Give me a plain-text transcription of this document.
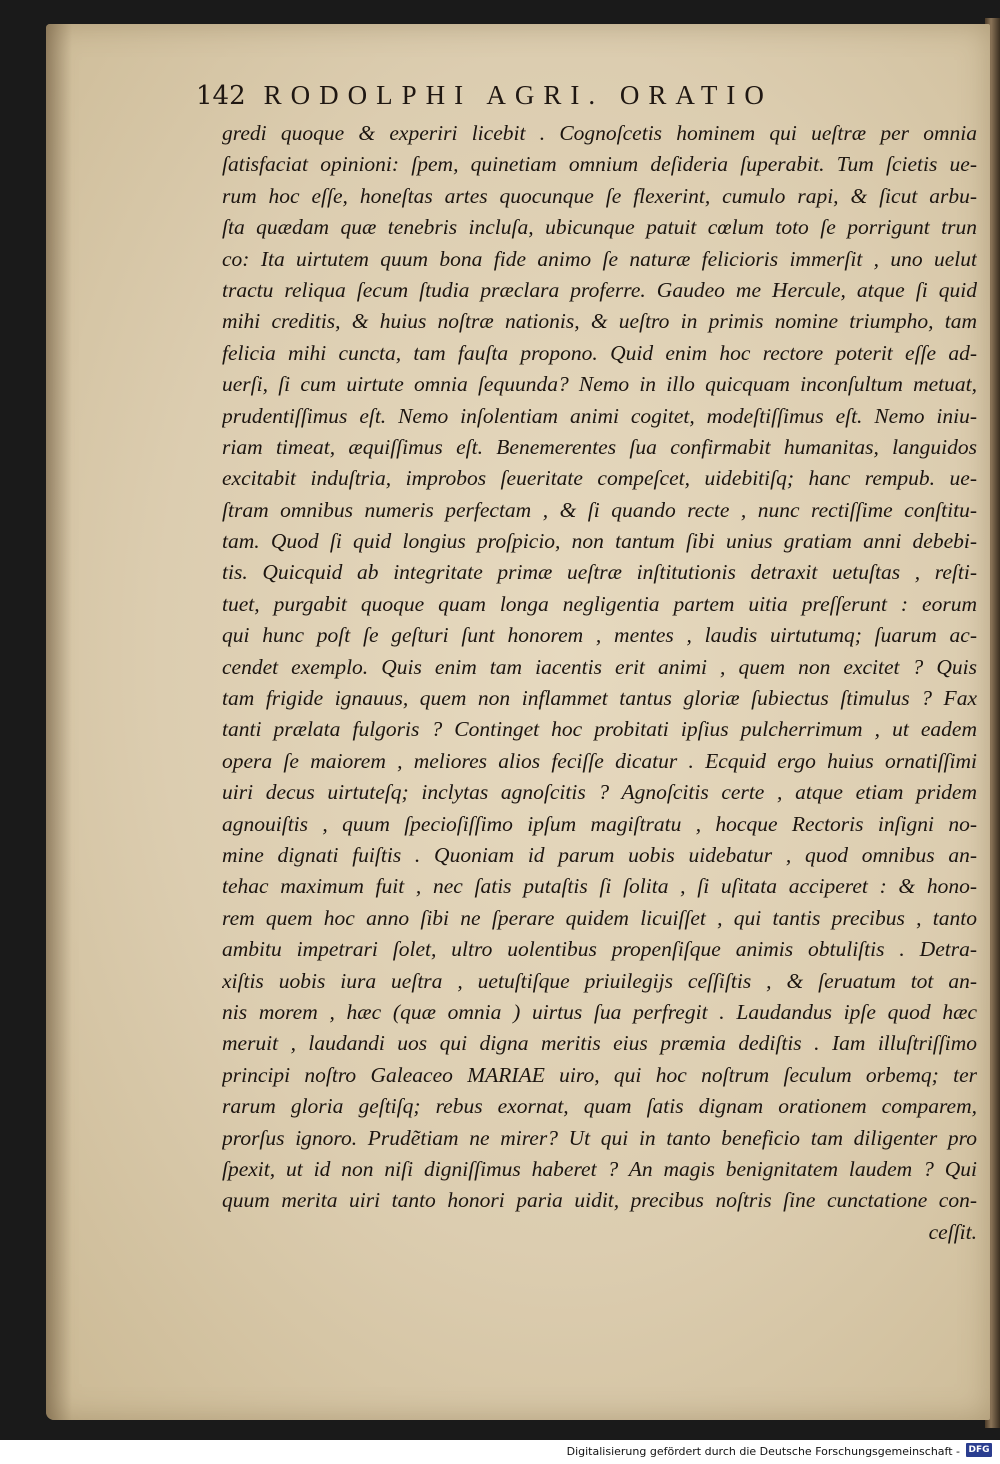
142 RODOLPHI AGRI. ORATIO
gredi quoque & experiri licebit . Cognoſcetis hominem qui ueſtræ per omnia
ſatisfaciat opinioni: ſpem, quinetiam omnium deſideria ſuperabit. Tum ſcietis ue-
rum hoc eſſe, honeſtas artes quocunque ſe flexerint, cumulo rapi, & ſicut arbu-
ſta quædam quæ tenebris incluſa, ubicunque patuit cœlum toto ſe porrigunt trun
co: Ita uirtutem quum bona fide animo ſe naturæ felicioris immerſit , uno uelut
tractu reliqua ſecum ſtudia præclara proferre. Gaudeo me Hercule, atque ſi quid
mihi creditis, & huius noſtræ nationis, & ueſtro in primis nomine triumpho, tam
felicia mihi cuncta, tam fauſta propono. Quid enim hoc rectore poterit eſſe ad-
uerſi, ſi cum uirtute omnia ſequunda? Nemo in illo quicquam inconſultum metuat,
prudentiſſimus eſt. Nemo inſolentiam animi cogitet, modeſtiſſimus eſt. Nemo iniu-
riam timeat, æquiſſimus eſt. Benemerentes ſua confirmabit humanitas, languidos
excitabit induſtria, improbos ſeueritate compeſcet, uidebitiſq; hanc rempub. ue-
ſtram omnibus numeris perfectam , & ſi quando recte , nunc rectiſſime conſtitu-
tam. Quod ſi quid longius proſpicio, non tantum ſibi unius gratiam anni debebi-
tis. Quicquid ab integritate primæ ueſtræ inſtitutionis detraxit uetuſtas , reſti-
tuet, purgabit quoque quam longa negligentia partem uitia preſſerunt : eorum
qui hunc poſt ſe geſturi ſunt honorem , mentes , laudis uirtutumq; ſuarum ac-
cendet exemplo. Quis enim tam iacentis erit animi , quem non excitet ? Quis
tam frigide ignauus, quem non inflammet tantus gloriæ ſubiectus ſtimulus ? Fax
tanti prælata fulgoris ? Continget hoc probitati ipſius pulcherrimum , ut eadem
opera ſe maiorem , meliores alios feciſſe dicatur . Ecquid ergo huius ornatiſſimi
uiri decus uirtuteſq; inclytas agnoſcitis ? Agnoſcitis certe , atque etiam pridem
agnouiſtis , quum ſpecioſiſſimo ipſum magiſtratu , hocque Rectoris inſigni no-
mine dignati fuiſtis . Quoniam id parum uobis uidebatur , quod omnibus an-
tehac maximum fuit , nec ſatis putaſtis ſi ſolita , ſi uſitata acciperet : & hono-
rem quem hoc anno ſibi ne ſperare quidem licuiſſet , qui tantis precibus , tanto
ambitu impetrari ſolet, ultro uolentibus propenſiſque animis obtuliſtis . Detra-
xiſtis uobis iura ueſtra , uetuſtiſque priuilegijs ceſſiſtis , & ſeruatum tot an-
nis morem , hæc (quæ omnia ) uirtus ſua perfregit . Laudandus ipſe quod hæc
meruit , laudandi uos qui digna meritis eius præmia dediſtis . Iam illuſtriſſimo
principi noſtro Galeaceo MARIAE uiro, qui hoc noſtrum ſeculum orbemq; ter
rarum gloria geſtiſq; rebus exornat, quam ſatis dignam orationem comparem,
prorſus ignoro. Prudẽtiam ne mirer? Ut qui in tanto beneficio tam diligenter pro
ſpexit, ut id non niſi digniſſimus haberet ? An magis benignitatem laudem ? Qui
quum merita uiri tanto honori paria uidit, precibus noſtris ſine cunctatione con-
ceſſit.
Digitalisierung gefördert durch die Deutsche Forschungsgemeinschaft - DFG
